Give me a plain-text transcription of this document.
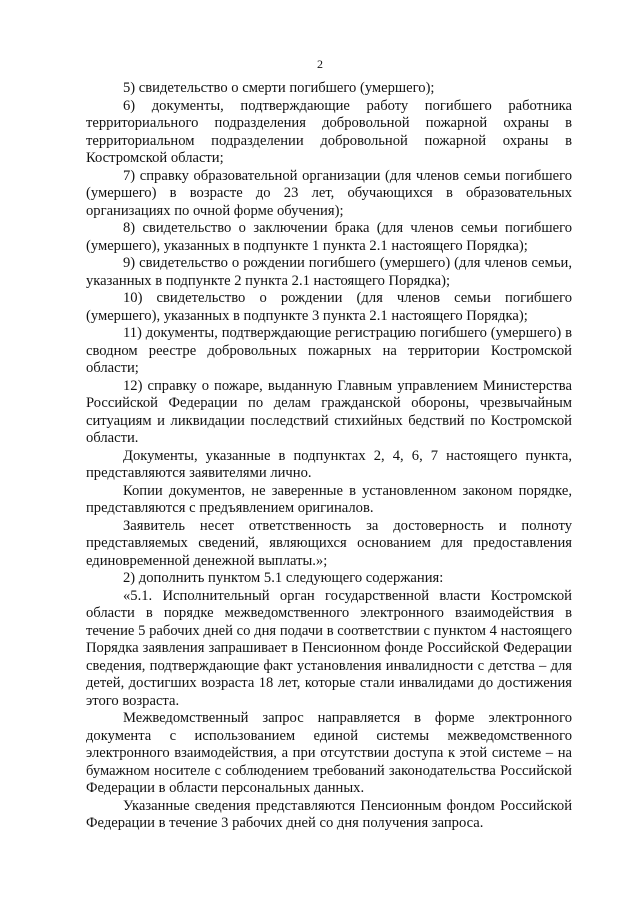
2

5) свидетельство о смерти погибшего (умершего);

6) документы, подтверждающие работу погибшего работника территориального подразделения добровольной пожарной охраны в территориальном подразделении добровольной пожарной охраны в Костромской области;

7) справку образовательной организации (для членов семьи погибшего (умершего) в возрасте до 23 лет, обучающихся в образовательных организациях по очной форме обучения);

8) свидетельство о заключении брака (для членов семьи погибшего (умершего), указанных в подпункте 1 пункта 2.1 настоящего Порядка);

9) свидетельство о рождении погибшего (умершего) (для членов семьи, указанных в подпункте 2 пункта 2.1 настоящего Порядка);

10) свидетельство о рождении (для членов семьи погибшего (умершего), указанных в подпункте 3 пункта 2.1 настоящего Порядка);

11) документы, подтверждающие регистрацию погибшего (умершего) в сводном реестре добровольных пожарных на территории Костромской области;

12) справку о пожаре, выданную Главным управлением Министерства Российской Федерации по делам гражданской обороны, чрезвычайным ситуациям и ликвидации последствий стихийных бедствий по Костромской области.

Документы, указанные в подпунктах 2, 4, 6, 7 настоящего пункта, представляются заявителями лично.

Копии документов, не заверенные в установленном законом порядке, представляются с предъявлением оригиналов.

Заявитель несет ответственность за достоверность и полноту представляемых сведений, являющихся основанием для предоставления единовременной денежной выплаты.»;

2) дополнить пунктом 5.1 следующего содержания:

«5.1. Исполнительный орган государственной власти Костромской области в порядке межведомственного электронного взаимодействия в течение 5 рабочих дней со дня подачи в соответствии с пунктом 4 настоящего Порядка заявления запрашивает в Пенсионном фонде Российской Федерации сведения, подтверждающие факт установления инвалидности с детства – для детей, достигших возраста 18 лет, которые стали инвалидами до достижения этого возраста.

Межведомственный запрос направляется в форме электронного документа с использованием единой системы межведомственного электронного взаимодействия, а при отсутствии доступа к этой системе – на бумажном носителе с соблюдением требований законодательства Российской Федерации в области персональных данных.

Указанные сведения представляются Пенсионным фондом Российской Федерации в течение 3 рабочих дней со дня получения запроса.
